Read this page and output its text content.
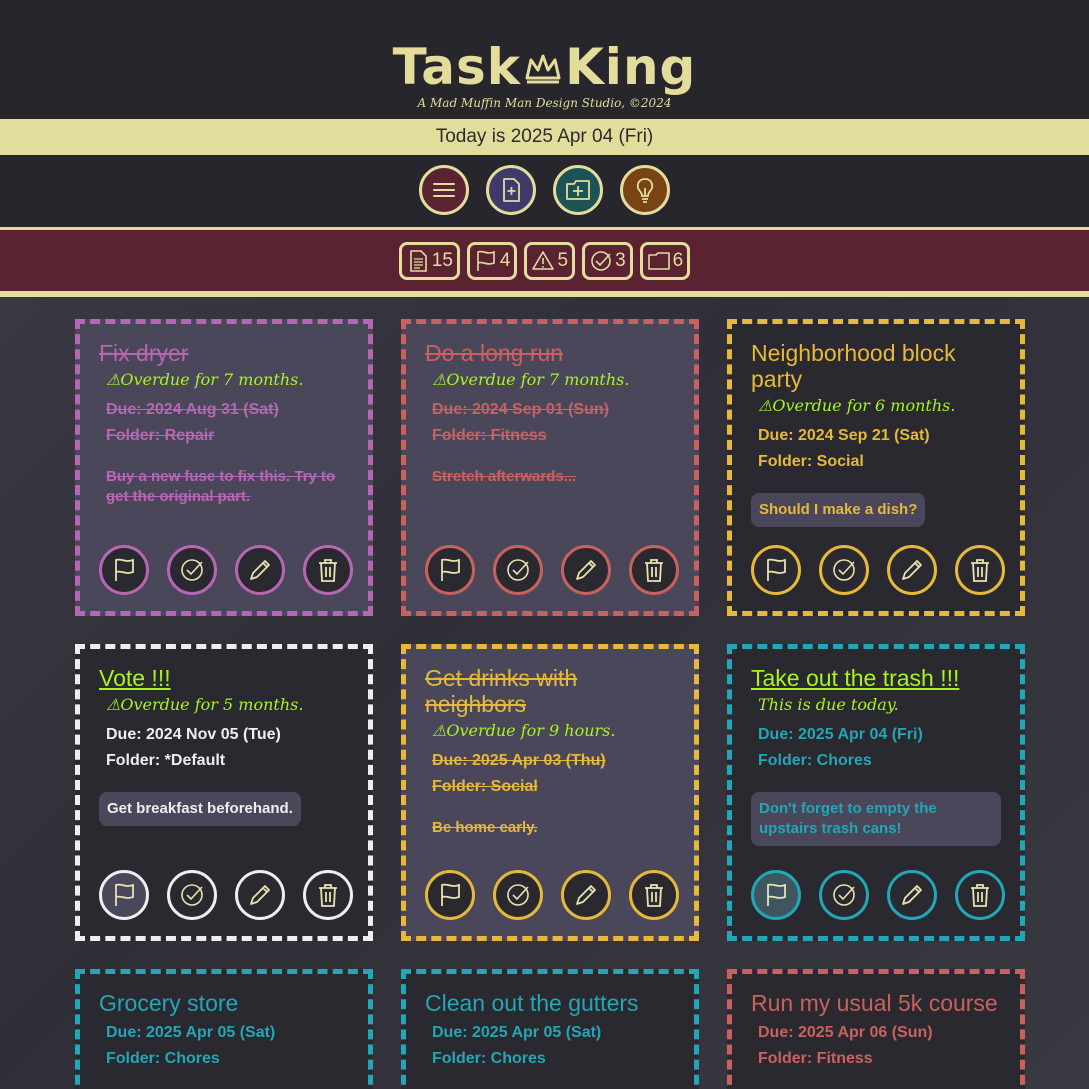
Task King
A Mad Muffin Man Design Studio, ©2024
Today is 2025 Apr 04 (Fri)
15 4 5 3 6
Fix dryer
⚠Overdue for 7 months.
Due: 2024 Aug 31 (Sat)
Folder: Repair
Buy a new fuse to fix this. Try to get the original part.
Do a long run
⚠Overdue for 7 months.
Due: 2024 Sep 01 (Sun)
Folder: Fitness
Stretch afterwards...
Neighborhood block party
⚠Overdue for 6 months.
Due: 2024 Sep 21 (Sat)
Folder: Social
Should I make a dish?
Vote !!!
⚠Overdue for 5 months.
Due: 2024 Nov 05 (Tue)
Folder: *Default
Get breakfast beforehand.
Get drinks with neighbors
⚠Overdue for 9 hours.
Due: 2025 Apr 03 (Thu)
Folder: Social
Be home early.
Take out the trash !!!
This is due today.
Due: 2025 Apr 04 (Fri)
Folder: Chores
Don't forget to empty the upstairs trash cans!
Grocery store
Due: 2025 Apr 05 (Sat)
Folder: Chores
Clean out the gutters
Due: 2025 Apr 05 (Sat)
Folder: Chores
Run my usual 5k course
Due: 2025 Apr 06 (Sun)
Folder: Fitness
